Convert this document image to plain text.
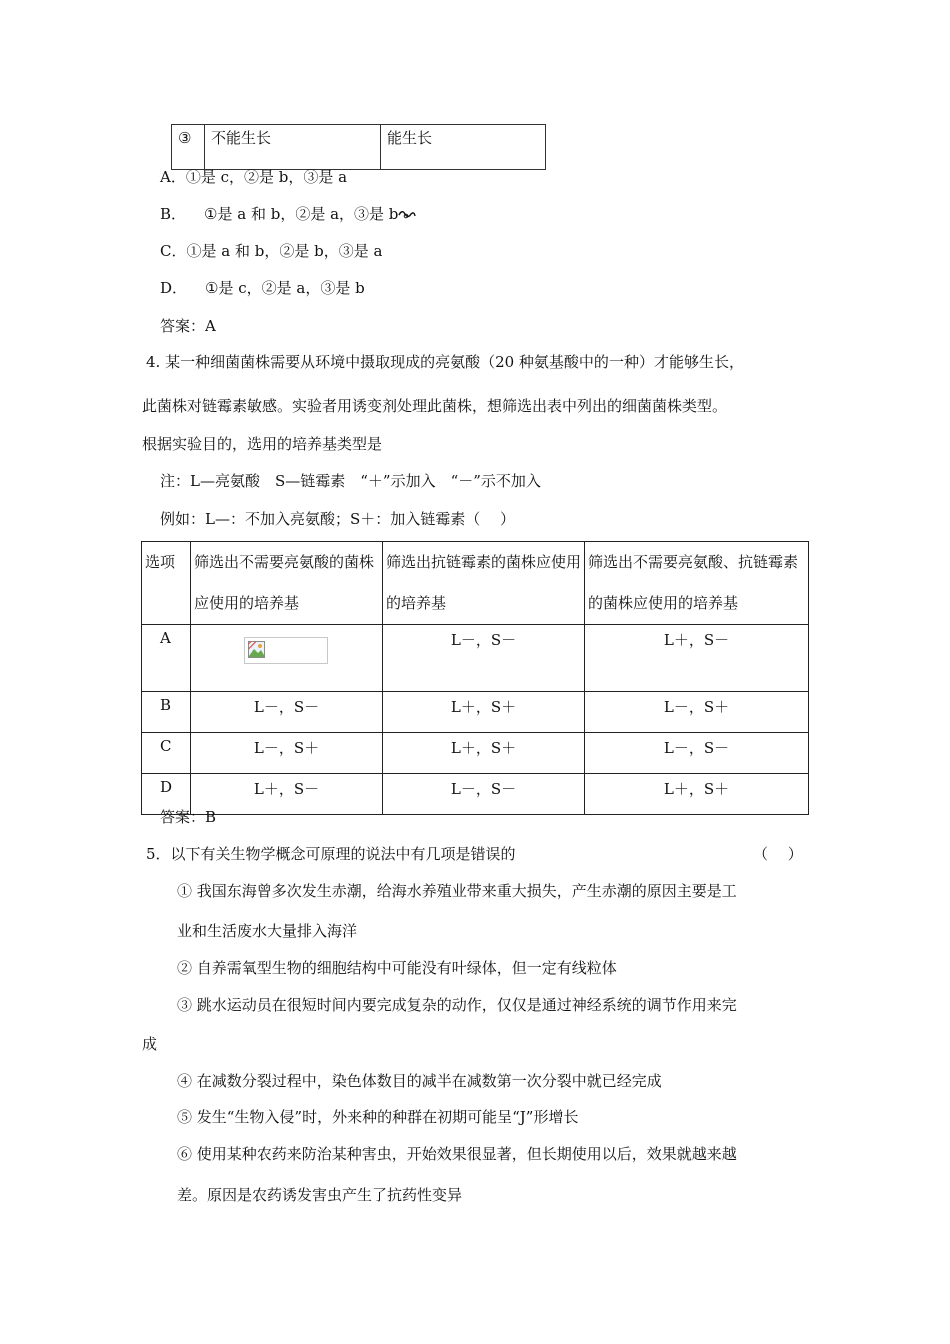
③	不能生长	能生长
A．①是 c，②是 b，③是 a
B． ①是 a 和 b，②是 a，③是 b
C．①是 a 和 b，②是 b，③是 a
D． ①是 c，②是 a，③是 b
答案：A
4. 某一种细菌菌株需要从环境中摄取现成的亮氨酸（20 种氨基酸中的一种）才能够生长，
此菌株对链霉素敏感。实验者用诱变剂处理此菌株，想筛选出表中列出的细菌菌株类型。
根据实验目的，选用的培养基类型是
注：L—亮氨酸　S—链霉素　“＋”示加入　“－”示不加入
例如：L—：不加入亮氨酸；S＋：加入链霉素（　 ）
选项	筛选出不需要亮氨酸的菌株应使用的培养基	筛选出抗链霉素的菌株应使用的培养基	筛选出不需要亮氨酸、抗链霉素的菌株应使用的培养基
A		L－，S－	L＋，S－
B	L－，S－	L＋，S＋	L－，S＋
C	L－，S＋	L＋，S＋	L－，S－
D	L＋，S－	L－，S－	L＋，S＋
答案：B
5．以下有关生物学概念可原理的说法中有几项是错误的	（　 ）
① 我国东海曾多次发生赤潮，给海水养殖业带来重大损失，产生赤潮的原因主要是工
业和生活废水大量排入海洋
② 自养需氧型生物的细胞结构中可能没有叶绿体，但一定有线粒体
③ 跳水运动员在很短时间内要完成复杂的动作，仅仅是通过神经系统的调节作用来完
成
④ 在减数分裂过程中，染色体数目的减半在减数第一次分裂中就已经完成
⑤ 发生“生物入侵”时，外来种的种群在初期可能呈“J”形增长
⑥ 使用某种农药来防治某种害虫，开始效果很显著，但长期使用以后，效果就越来越
差。原因是农药诱发害虫产生了抗药性变异
